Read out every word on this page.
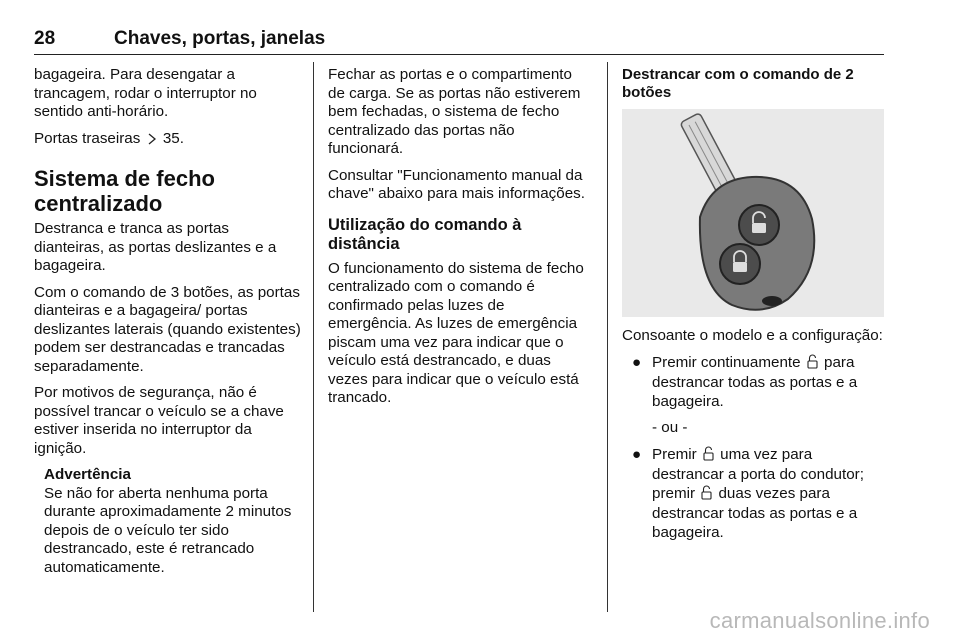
28	Chaves, portas, janelas

bagageira. Para desengatar a trancagem, rodar o interruptor no sentido anti-horário.

Portas traseiras  35.

Sistema de fecho centralizado

Destranca e tranca as portas dianteiras, as portas deslizantes e a bagageira.

Com o comando de 3 botões, as portas dianteiras e a bagageira/ portas deslizantes laterais (quando existentes) podem ser destrancadas e trancadas separadamente.

Por motivos de segurança, não é possível trancar o veículo se a chave estiver inserida no interruptor da ignição.

Advertência
Se não for aberta nenhuma porta durante aproximadamente 2 minutos depois de o veículo ter sido destrancado, este é retrancado automaticamente.

Fechar as portas e o compartimento de carga. Se as portas não estiverem bem fechadas, o sistema de fecho centralizado das portas não funcionará.

Consultar "Funcionamento manual da chave" abaixo para mais informações.

Utilização do comando à distância

O funcionamento do sistema de fecho centralizado com o comando é confirmado pelas luzes de emergência. As luzes de emergência piscam uma vez para indicar que o veículo está destrancado, e duas vezes para indicar que o veículo está trancado.

Destrancar com o comando de 2 botões

Consoante o modelo e a configuração:

● Premir continuamente  para destrancar todas as portas e a bagageira.

- ou -

● Premir  uma vez para destrancar a porta do condutor; premir  duas vezes para destrancar todas as portas e a bagageira.
carmanualsonline.info
